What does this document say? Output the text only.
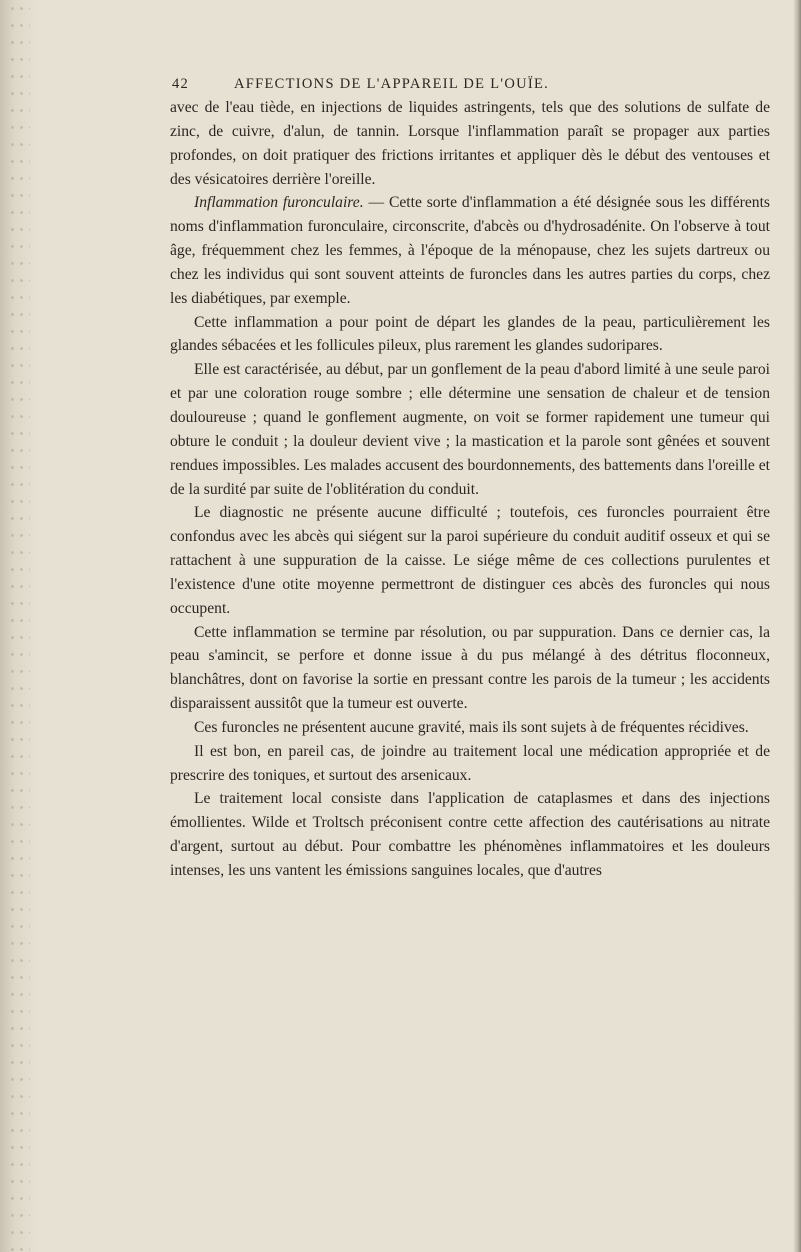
42	AFFECTIONS DE L'APPAREIL DE L'OUÏE.

avec de l'eau tiède, en injections de liquides astringents, tels que des solutions de sulfate de zinc, de cuivre, d'alun, de tannin. Lorsque l'inflammation paraît se propager aux parties profondes, on doit pratiquer des frictions irritantes et appliquer dès le début des ventouses et des vésicatoires derrière l'oreille.

Inflammation furonculaire. — Cette sorte d'inflammation a été désignée sous les différents noms d'inflammation furonculaire, circonscrite, d'abcès ou d'hydrosadénite. On l'observe à tout âge, fréquemment chez les femmes, à l'époque de la ménopause, chez les sujets dartreux ou chez les individus qui sont souvent atteints de furoncles dans les autres parties du corps, chez les diabétiques, par exemple.

Cette inflammation a pour point de départ les glandes de la peau, particulièrement les glandes sébacées et les follicules pileux, plus rarement les glandes sudoripares.

Elle est caractérisée, au début, par un gonflement de la peau d'abord limité à une seule paroi et par une coloration rouge sombre ; elle détermine une sensation de chaleur et de tension douloureuse ; quand le gonflement augmente, on voit se former rapidement une tumeur qui obture le conduit ; la douleur devient vive ; la mastication et la parole sont gênées et souvent rendues impossibles. Les malades accusent des bourdonnements, des battements dans l'oreille et de la surdité par suite de l'oblitération du conduit.

Le diagnostic ne présente aucune difficulté ; toutefois, ces furoncles pourraient être confondus avec les abcès qui siégent sur la paroi supérieure du conduit auditif osseux et qui se rattachent à une suppuration de la caisse. Le siége même de ces collections purulentes et l'existence d'une otite moyenne permettront de distinguer ces abcès des furoncles qui nous occupent.

Cette inflammation se termine par résolution, ou par suppuration. Dans ce dernier cas, la peau s'amincit, se perfore et donne issue à du pus mélangé à des détritus floconneux, blanchâtres, dont on favorise la sortie en pressant contre les parois de la tumeur ; les accidents disparaissent aussitôt que la tumeur est ouverte.

Ces furoncles ne présentent aucune gravité, mais ils sont sujets à de fréquentes récidives.

Il est bon, en pareil cas, de joindre au traitement local une médication appropriée et de prescrire des toniques, et surtout des arsenicaux.

Le traitement local consiste dans l'application de cataplasmes et dans des injections émollientes. Wilde et Troltsch préconisent contre cette affection des cautérisations au nitrate d'argent, surtout au début. Pour combattre les phénomènes inflammatoires et les douleurs intenses, les uns vantent les émissions sanguines locales, que d'autres
